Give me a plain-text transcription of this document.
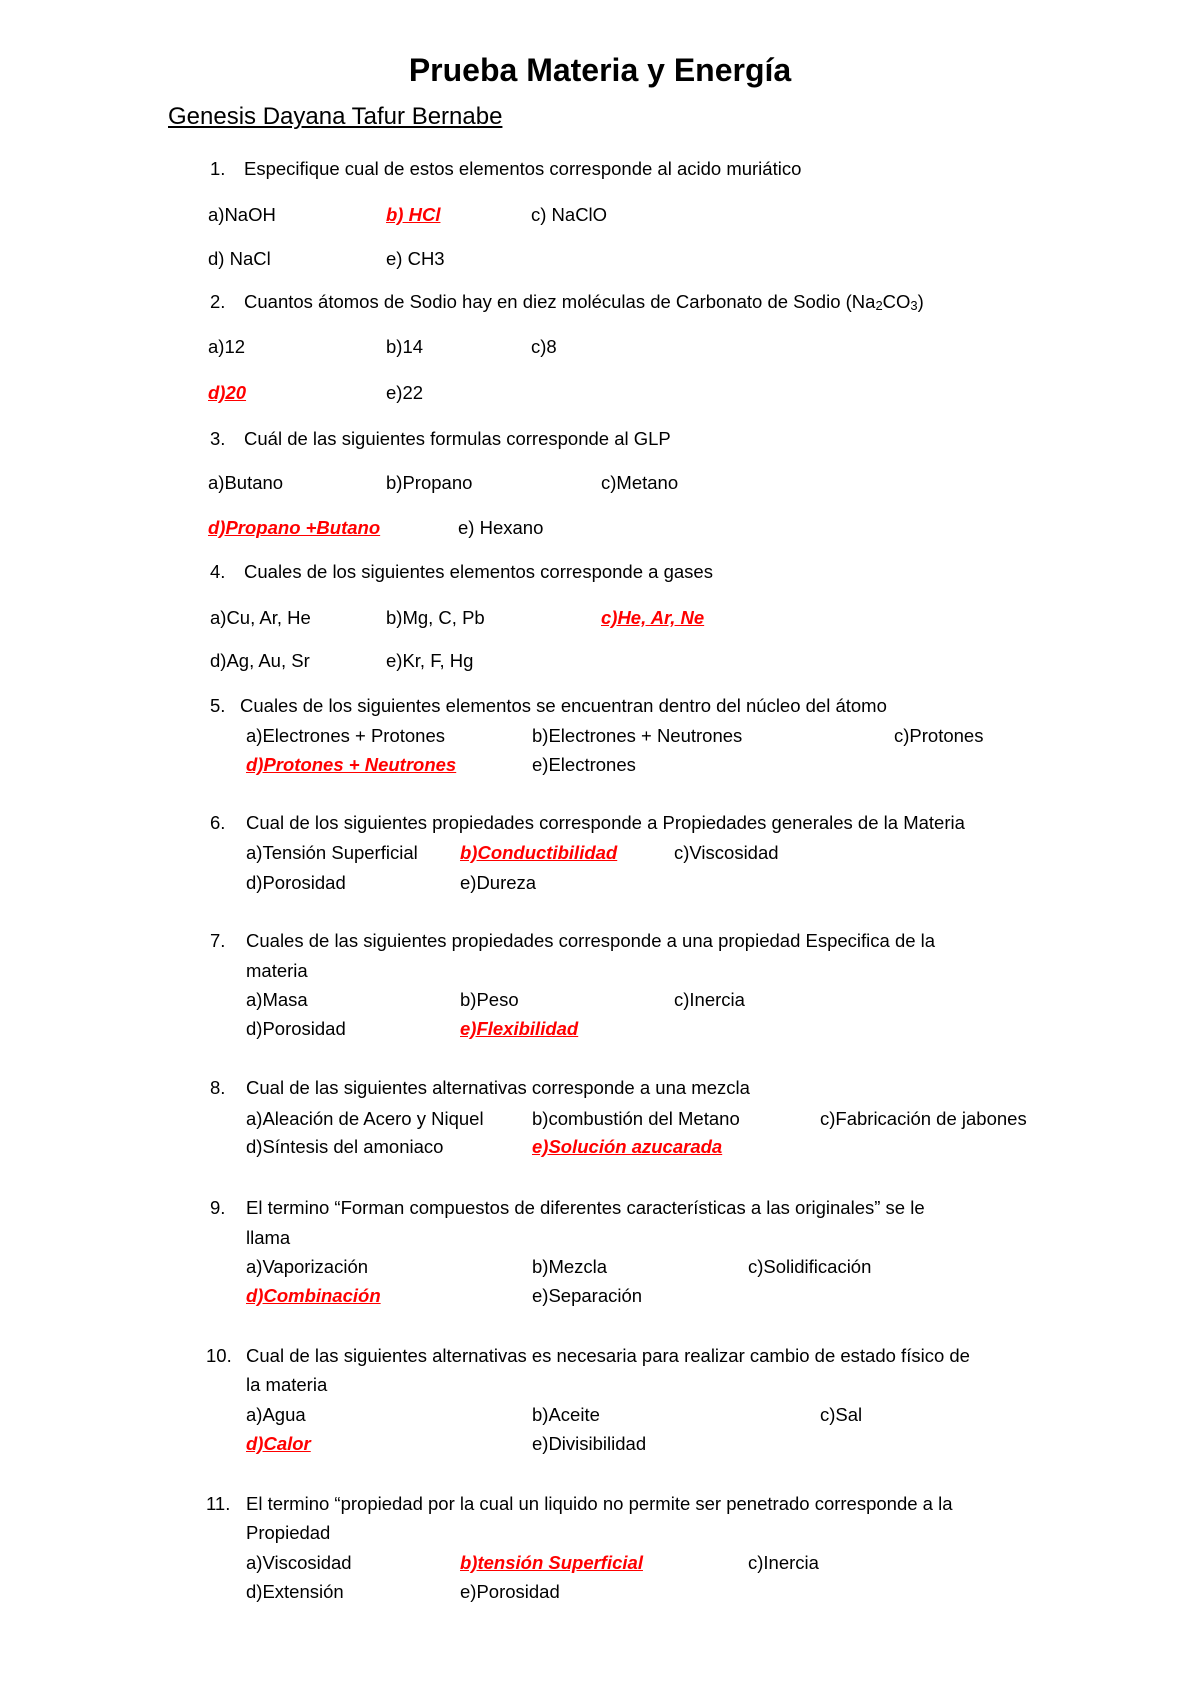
Prueba Materia y Energía
Genesis Dayana Tafur Bernabe
1. Especifique cual de estos elementos corresponde al acido muriático
a)NaOH	b) HCl	c) NaClO
d) NaCl	e) CH3
2. Cuantos átomos de Sodio hay en diez moléculas de Carbonato de Sodio $(Na_2CO_3)$
a)12	b)14	c)8
d)20	e)22
3. Cuál de las siguientes formulas corresponde al GLP
a)Butano	b)Propano	c)Metano
d)Propano +Butano	e) Hexano
4. Cuales de los siguientes elementos corresponde a gases
a)Cu, Ar, He	b)Mg, C, Pb	c)He, Ar, Ne
d)Ag, Au, Sr	e)Kr, F, Hg
5. Cuales de los siguientes elementos se encuentran dentro del núcleo del átomo
a)Electrones + Protones	b)Electrones + Neutrones	c)Protones
d)Protones + Neutrones	e)Electrones
6. Cual de los siguientes propiedades corresponde a Propiedades generales de la Materia
a)Tensión Superficial b)Conductibilidad	c)Viscosidad
d)Porosidad	e)Dureza
7. Cuales de las siguientes propiedades corresponde a una propiedad Especifica de la
materia
a)Masa	b)Peso	c)Inercia
d)Porosidad	e)Flexibilidad
8. Cual de las siguientes alternativas corresponde a una mezcla
a)Aleación de Acero y Niquel	b)combustión del Metano	c)Fabricación de jabones
d)Síntesis del amoniaco	e)Solución azucarada
9. El termino “Forman compuestos de diferentes características a las originales” se le
llama
a)Vaporización	b)Mezcla	c)Solidificación
d)Combinación	e)Separación
10. Cual de las siguientes alternativas es necesaria para realizar cambio de estado físico de
la materia
a)Agua	b)Aceite	c)Sal
d)Calor	e)Divisibilidad
11. El termino “propiedad por la cual un liquido no permite ser penetrado corresponde a la
Propiedad
a)Viscosidad	b)tensión Superficial	c)Inercia
d)Extensión	e)Porosidad
